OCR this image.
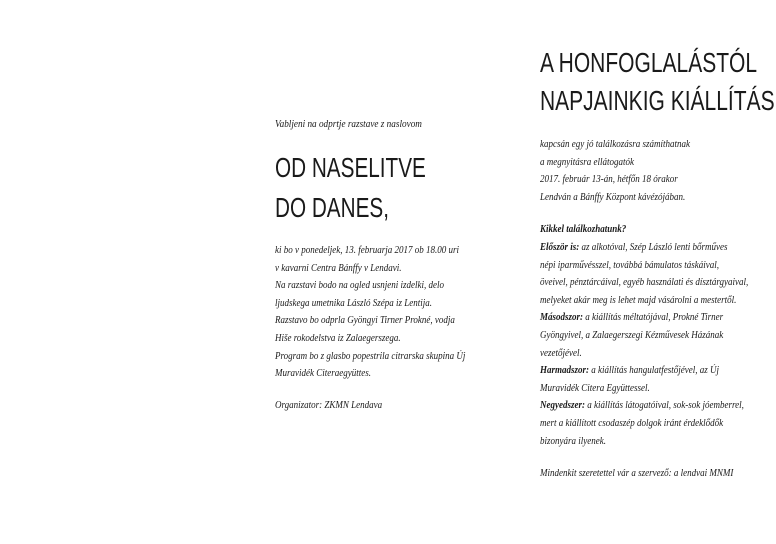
Vabljeni na odprtje razstave z naslovom

OD NASELITVE
DO DANES,

ki bo v ponedeljek, 13. februarja 2017 ob 18.00 uri
v kavarni Centra Bánffy v Lendavi.
Na razstavi bodo na ogled usnjeni izdelki, delo
ljudskega umetnika László Szépa iz Lentija.
Razstavo bo odprla Gyöngyi Tirner Prokné, vodja
Hiše rokodelstva iz Zalaegerszega.
Program bo z glasbo popestrila citrarska skupina Új
Muravidék Citeraegyüttes.

Organizator: ZKMN Lendava

A HONFOGLALÁSTÓL
NAPJAINKIG KIÁLLÍTÁS

kapcsán egy jó találkozásra számíthatnak
a megnyitásra ellátogatók
2017. február 13-án, hétfőn 18 órakor
Lendván a Bánffy Központ kávézójában.

Kikkel találkozhatunk?
Először is: az alkotóval, Szép László lenti bőrműves
népi iparművésszel, továbbá bámulatos táskáival,
öveivel, pénztárcáival, egyéb használati és dísztárgyaival,
melyeket akár meg is lehet majd vásárolni a mestertől.
Másodszor: a kiállítás méltatójával, Prokné Tirner
Gyöngyivel, a Zalaegerszegi Kézművesek Házának
vezetőjével.
Harmadszor: a kiállítás hangulatfestőjével, az Új
Muravidék Citera Együttessel.
Negyedszer: a kiállítás látogatóival, sok-sok jóemberrel,
mert a kiállított csodaszép dolgok iránt érdeklődők
bizonyára ilyenek.

Mindenkit szeretettel vár a szervező: a lendvai MNMI
